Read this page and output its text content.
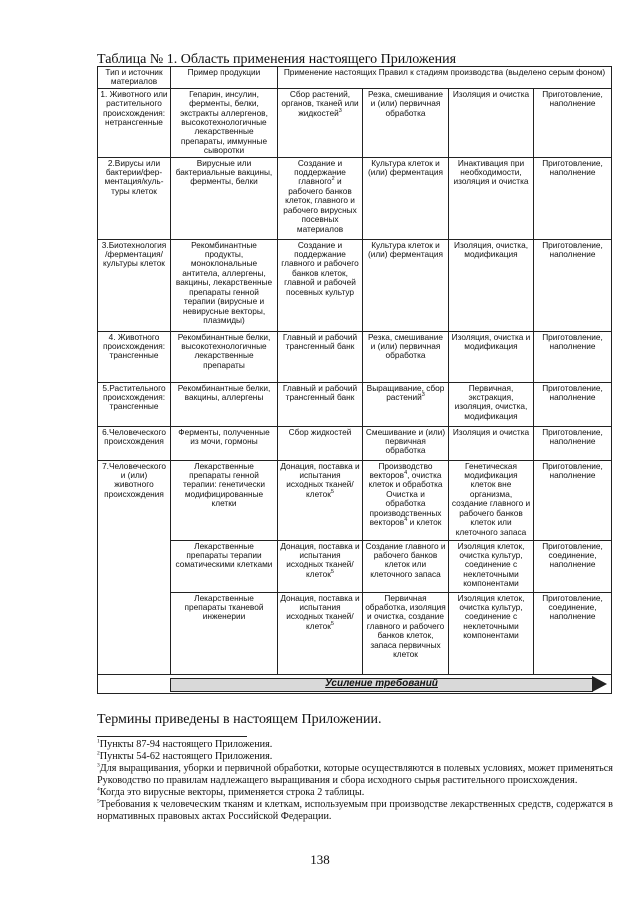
Таблица № 1. Область применения настоящего Приложения
Тип и источник материалов	Пример продукции	Применение настоящих Правил к стадиям производства (выделено серым фоном)			
1. Животного или растительного происхождения: нетрансгенные	Гепарин, инсулин, ферменты, белки, экстракты аллергенов, высокотехнологичные лекарственные препараты, иммунные сыворотки	Сбор растений, органов, тканей или жидкостей$^3$	Резка, смешивание и (или) первичная обработка	Изоляция и очистка	Приготовление, наполнение
2.Вирусы или бактерии/фер-ментация/куль-туры клеток	Вирусные или бактериальные вакцины, ферменты, белки	Создание и поддержание главного$^2$ и рабочего банков клеток, главного и рабочего вирусных посевных материалов	Культура клеток и (или) ферментация	Инактивация при необходимости, изоляция и очистка	Приготовление, наполнение
3.Биотехнология /ферментация/ культуры клеток	Рекомбинантные продукты, моноклональные антитела, аллергены, вакцины, лекарственные препараты генной терапии (вирусные и невирусные векторы, плазмиды)	Создание и поддержание главного и рабочего банков клеток, главной и рабочей посевных культур	Культура клеток и (или) ферментация	Изоляция, очистка, модификация	Приготовление, наполнение
4. Животного происхождения: трансгенные	Рекомбинантные белки, высокотехнологичные лекарственные препараты	Главный и рабочий трансгенный банк	Резка, смешивание и (или) первичная обработка	Изоляция, очистка и модификация	Приготовление, наполнение
5.Растительного происхождения: трансгенные	Рекомбинантные белки, вакцины, аллергены	Главный и рабочий трансгенный банк	Выращивание, сбор растений$^3$	Первичная, экстракция, изоляция, очистка, модификация	Приготовление, наполнение
6.Человеческого происхождения	Ферменты, полученные из мочи, гормоны	Сбор жидкостей	Смешивание и (или) первичная обработка	Изоляция и очистка	Приготовление, наполнение
7.Человеческого и (или) животного происхождения	Лекарственные препараты генной терапии: генетически модифицированные клетки	Донация, поставка и испытания исходных тканей/ клеток$^5$	Производство векторов$^4$, очистка клеток и обработка Очистка и обработка производственных векторов$^4$ и клеток	Генетическая модификация клеток вне организма, создание главного и рабочего банков клеток или клеточного запаса	Приготовление, наполнение
	Лекарственные препараты терапии соматическими клетками	Донация, поставка и испытания исходных тканей/ клеток$^5$	Создание главного и рабочего банков клеток или клеточного запаса	Изоляция клеток, очистка культур, соединение с неклеточными компонентами	Приготовление, соединение, наполнение
	Лекарственные препараты тканевой инженерии	Донация, поставка и испытания исходных тканей/ клеток$^5$	Первичная обработка, изоляция и очистка, создание главного и рабочего банков клеток, запаса первичных клеток	Изоляция клеток, очистка культур, соединение с неклеточными компонентами	Приготовление, соединение, наполнение

Усиление требований					
Термины приведены в настоящем Приложении.

$^1$Пункты 87-94 настоящего Приложения.

$^2$Пункты 54-62 настоящего Приложения.

$^3$Для выращивания, уборки и первичной обработки, которые осуществляются в полевых условиях, может применяться Руководство по правилам надлежащего выращивания и сбора исходного сырья растительного происхождения.

$^4$Когда это вирусные векторы, применяется строка 2 таблицы.

$^5$Требования к человеческим тканям и клеткам, используемым при производстве лекарственных средств, содержатся в нормативных правовых актах Российской Федерации.

138
